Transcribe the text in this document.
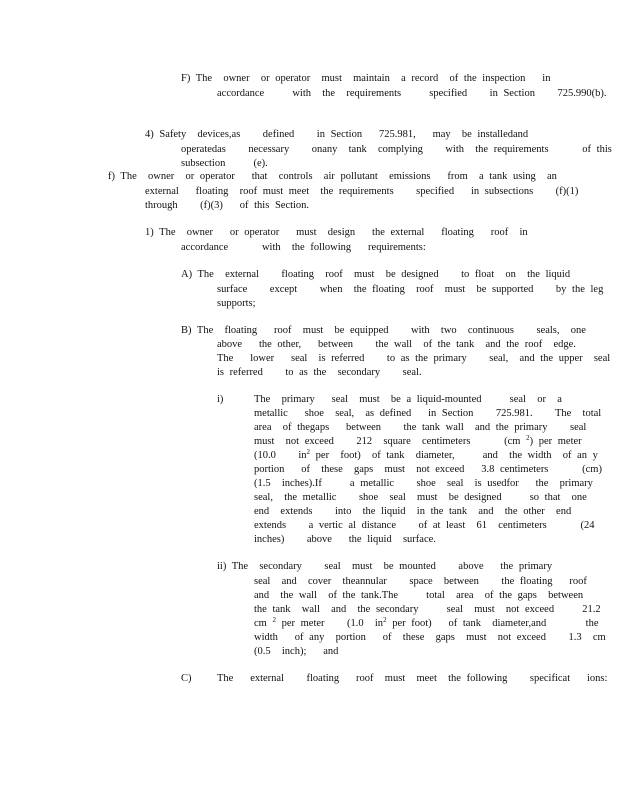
F) The  owner  or operator  must  maintain  a record  of the inspection   in
accordance     with  the  requirements     specified    in Section    725.990(b).
4) Safety  devices,as    defined    in Section   725.981,   may  be installedand
operatedas    necessary    onany  tank  complying    with  the requirements      of this
subsection     (e).
f) The  owner  or operator   that  controls  air pollutant  emissions   from  a tank using  an
external   floating  roof must meet  the requirements    specified   in subsections    (f)(1)
through    (f)(3)   of this Section.
1) The  owner   or operator   must  design   the external   floating   roof  in
accordance      with  the following   requirements:
A) The  external    floating  roof  must  be designed    to float  on  the liquid
surface    except    when  the floating  roof  must  be supported    by the leg
supports;
B) The  floating   roof  must  be equipped    with  two  continuous    seals,  one
above   the other,   between    the wall  of the tank  and the roof  edge.
The   lower   seal  is referred    to as the primary    seal,  and the upper  seal
is referred    to as the  secondary    seal.
i)	The  primary   seal  must  be a liquid-mounted     seal  or  a
metallic   shoe  seal,  as defined   in Section    725.981.    The  total
area  of thegaps   between    the tank wall  and the primary    seal
must  not exceed    212  square  centimeters      (cm $^2$) per meter
(10.0    $in^2$ per  foot)  of tank  diameter,     and  the width  of an y
portion   of  these  gaps  must  not exceed   3.8 centimeters      (cm)
(1.5  inches).If     a metallic    shoe  seal  is usedfor   the  primary
seal,  the metallic    shoe  seal  must  be designed     so that  one
end  extends    into  the liquid  in the tank  and  the other  end
extends    a vertic al distance    of at least  61  centimeters      (24
inches)    above   the liquid  surface.
ii) The  secondary    seal  must  be mounted    above   the primary
seal  and  cover  theannular    space  between    the floating   roof
and  the wall  of the tank.The     total  area  of the gaps  between
the tank  wall  and  the secondary     seal  must  not exceed     21.2
cm $^2$ per meter    (1.0  $in^2$ per foot)   of tank  diameter,and       the
width   of any  portion   of  these  gaps  must  not exceed    1.3  cm
(0.5  inch);   and
C) The   external    floating   roof  must  meet  the following    specificat   ions:
